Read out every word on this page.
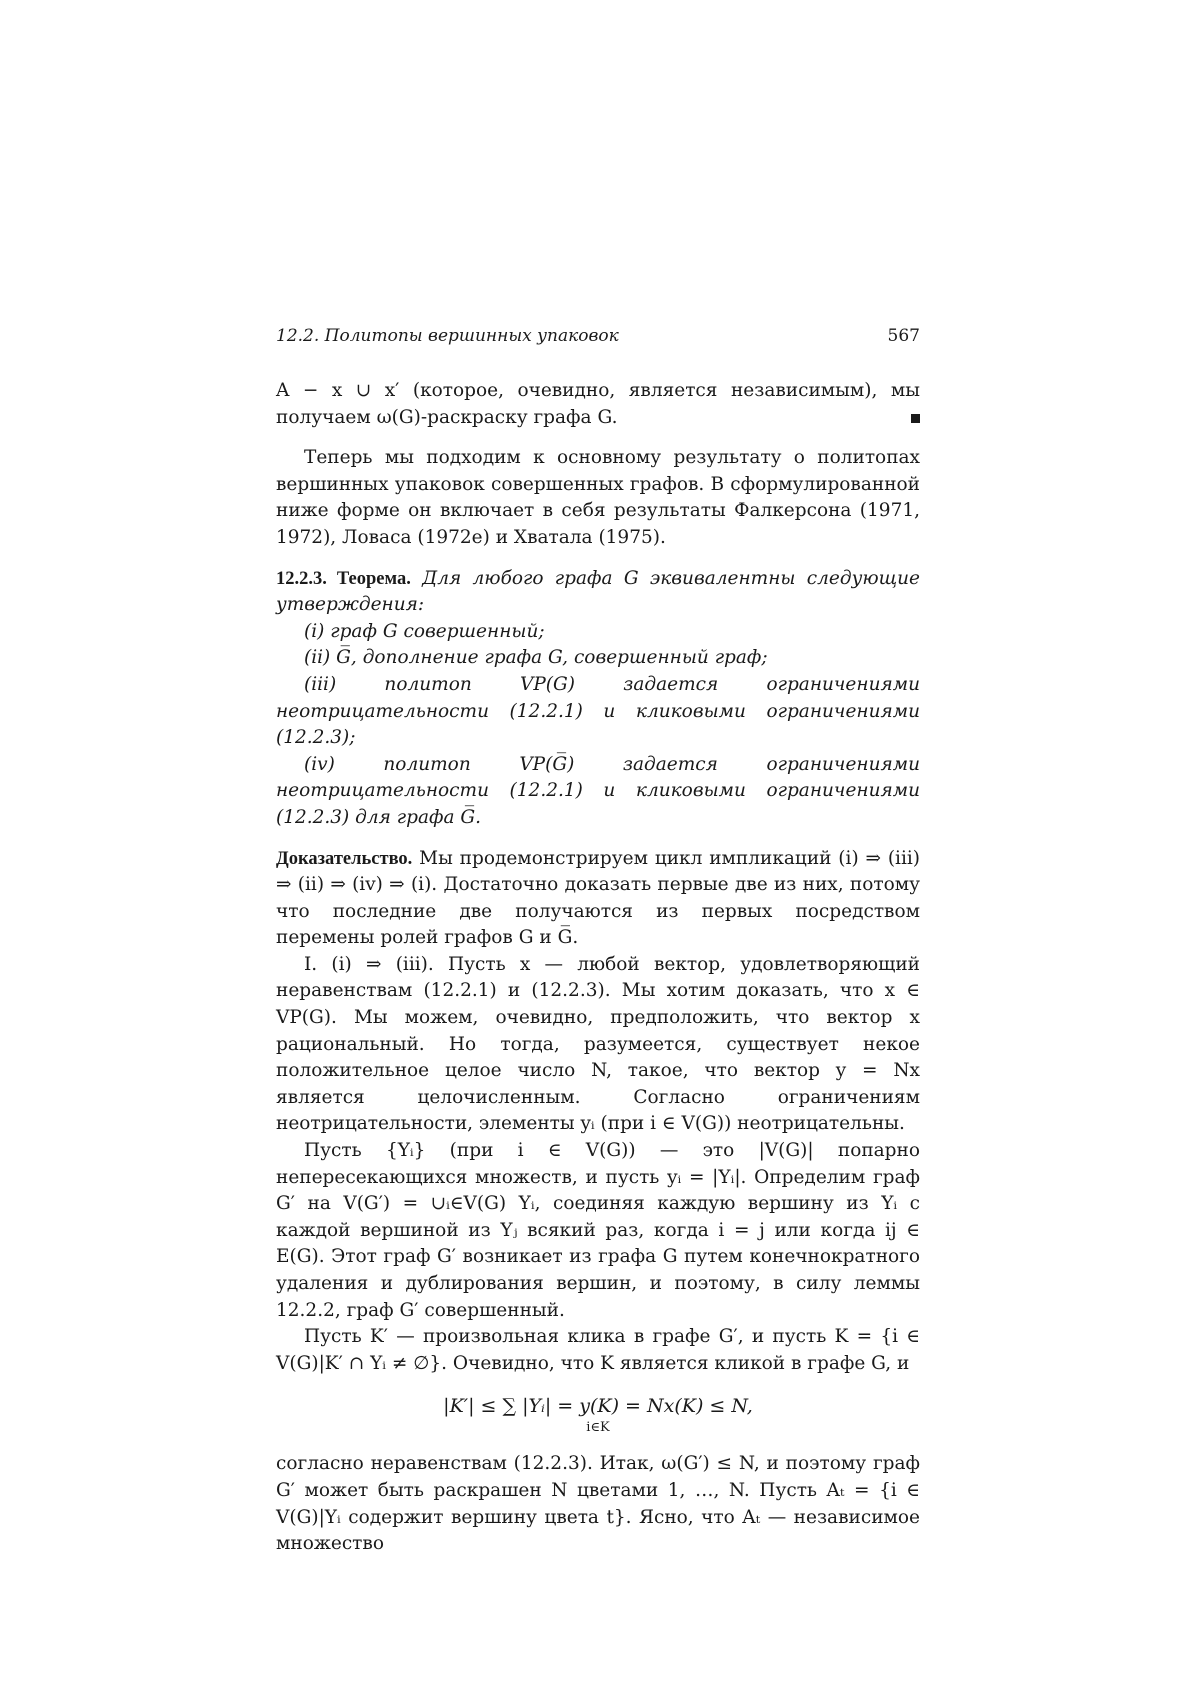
12.2. Политопы вершинных упаковок	567

A − x ∪ x′ (которое, очевидно, является независимым), мы получаем ω(G)-раскраску графа G.

Теперь мы подходим к основному результату о политопах вершинных упаковок совершенных графов. В сформулированной ниже форме он включает в себя результаты Фалкерсона (1971, 1972), Ловаса (1972e) и Хватала (1975).

12.2.3. Теорема. Для любого графа G эквивалентны следующие утверждения:

(i) граф G совершенный;

(ii) G̅, дополнение графа G, совершенный граф;

(iii) политоп VP(G) задается ограничениями неотрицательности (12.2.1) и кликовыми ограничениями (12.2.3);

(iv) политоп VP(G̅) задается ограничениями неотрицательности (12.2.1) и кликовыми ограничениями (12.2.3) для графа G̅.

Доказательство. Мы продемонстрируем цикл импликаций (i) ⇒ (iii) ⇒ (ii) ⇒ (iv) ⇒ (i). Достаточно доказать первые две из них, потому что последние две получаются из первых посредством перемены ролей графов G и G̅.

I. (i) ⇒ (iii). Пусть x — любой вектор, удовлетворяющий неравенствам (12.2.1) и (12.2.3). Мы хотим доказать, что x ∈ VP(G). Мы можем, очевидно, предположить, что вектор x рациональный. Но тогда, разумеется, существует некое положительное целое число N, такое, что вектор y = Nx является целочисленным. Согласно ограничениям неотрицательности, элементы yᵢ (при i ∈ V(G)) неотрицательны.

Пусть {Yᵢ} (при i ∈ V(G)) — это |V(G)| попарно непересекающихся множеств, и пусть yᵢ = |Yᵢ|. Определим граф G′ на V(G′) = ∪ᵢ∈V(G) Yᵢ, соединяя каждую вершину из Yᵢ с каждой вершиной из Yⱼ всякий раз, когда i = j или когда ij ∈ E(G). Этот граф G′ возникает из графа G путем конечнократного удаления и дублирования вершин, и поэтому, в силу леммы 12.2.2, граф G′ совершенный.

Пусть K′ — произвольная клика в графе G′, и пусть K = {i ∈ V(G)|K′ ∩ Yᵢ ≠ ∅}. Очевидно, что K является кликой в графе G, и

|K′| ≤ ∑ |Yᵢ| = y(K) = Nx(K) ≤ N,
i∈K

согласно неравенствам (12.2.3). Итак, ω(G′) ≤ N, и поэтому граф G′ может быть раскрашен N цветами 1, …, N. Пусть Aₜ = {i ∈ V(G)|Yᵢ содержит вершину цвета t}. Ясно, что Aₜ — независимое множество
